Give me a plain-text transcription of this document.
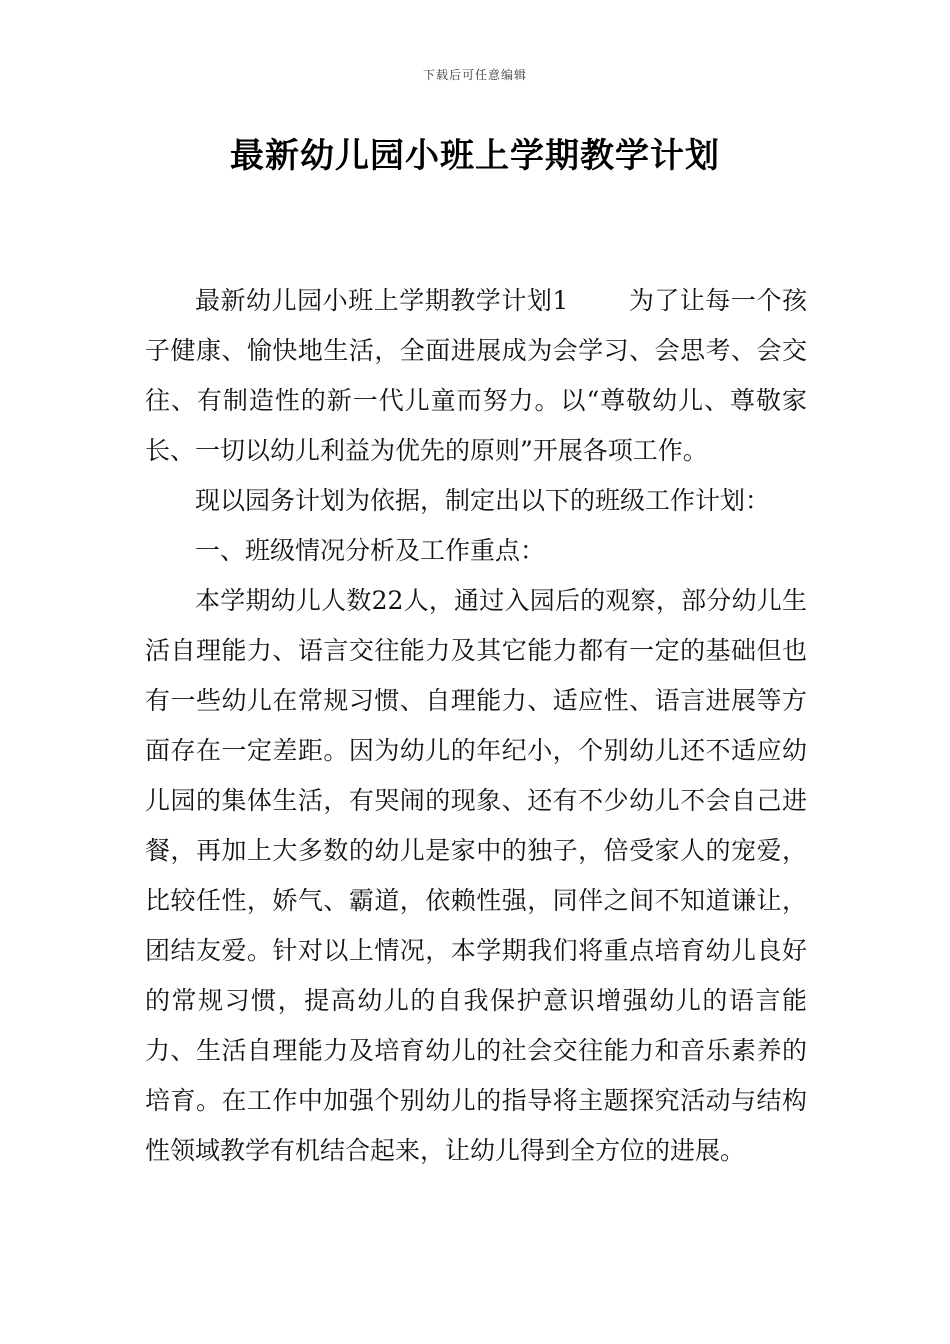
下载后可任意编辑
最新幼儿园小班上学期教学计划

最新幼儿园小班上学期教学计划1 为了让每一个孩子健康、愉快地生活，全面进展成为会学习、会思考、会交往、有制造性的新一代儿童而努力。以“尊敬幼儿、尊敬家长、一切以幼儿利益为优先的原则”开展各项工作。

现以园务计划为依据，制定出以下的班级工作计划：

一、班级情况分析及工作重点：

本学期幼儿人数22人，通过入园后的观察，部分幼儿生活自理能力、语言交往能力及其它能力都有一定的基础但也有一些幼儿在常规习惯、自理能力、适应性、语言进展等方面存在一定差距。因为幼儿的年纪小，个别幼儿还不适应幼儿园的集体生活，有哭闹的现象、还有不少幼儿不会自己进餐，再加上大多数的幼儿是家中的独子，倍受家人的宠爱，比较任性，娇气、霸道，依赖性强，同伴之间不知道谦让，团结友爱。针对以上情况，本学期我们将重点培育幼儿良好的常规习惯，提高幼儿的自我保护意识增强幼儿的语言能力、生活自理能力及培育幼儿的社会交往能力和音乐素养的培育。在工作中加强个别幼儿的指导将主题探究活动与结构性领域教学有机结合起来，让幼儿得到全方位的进展。
